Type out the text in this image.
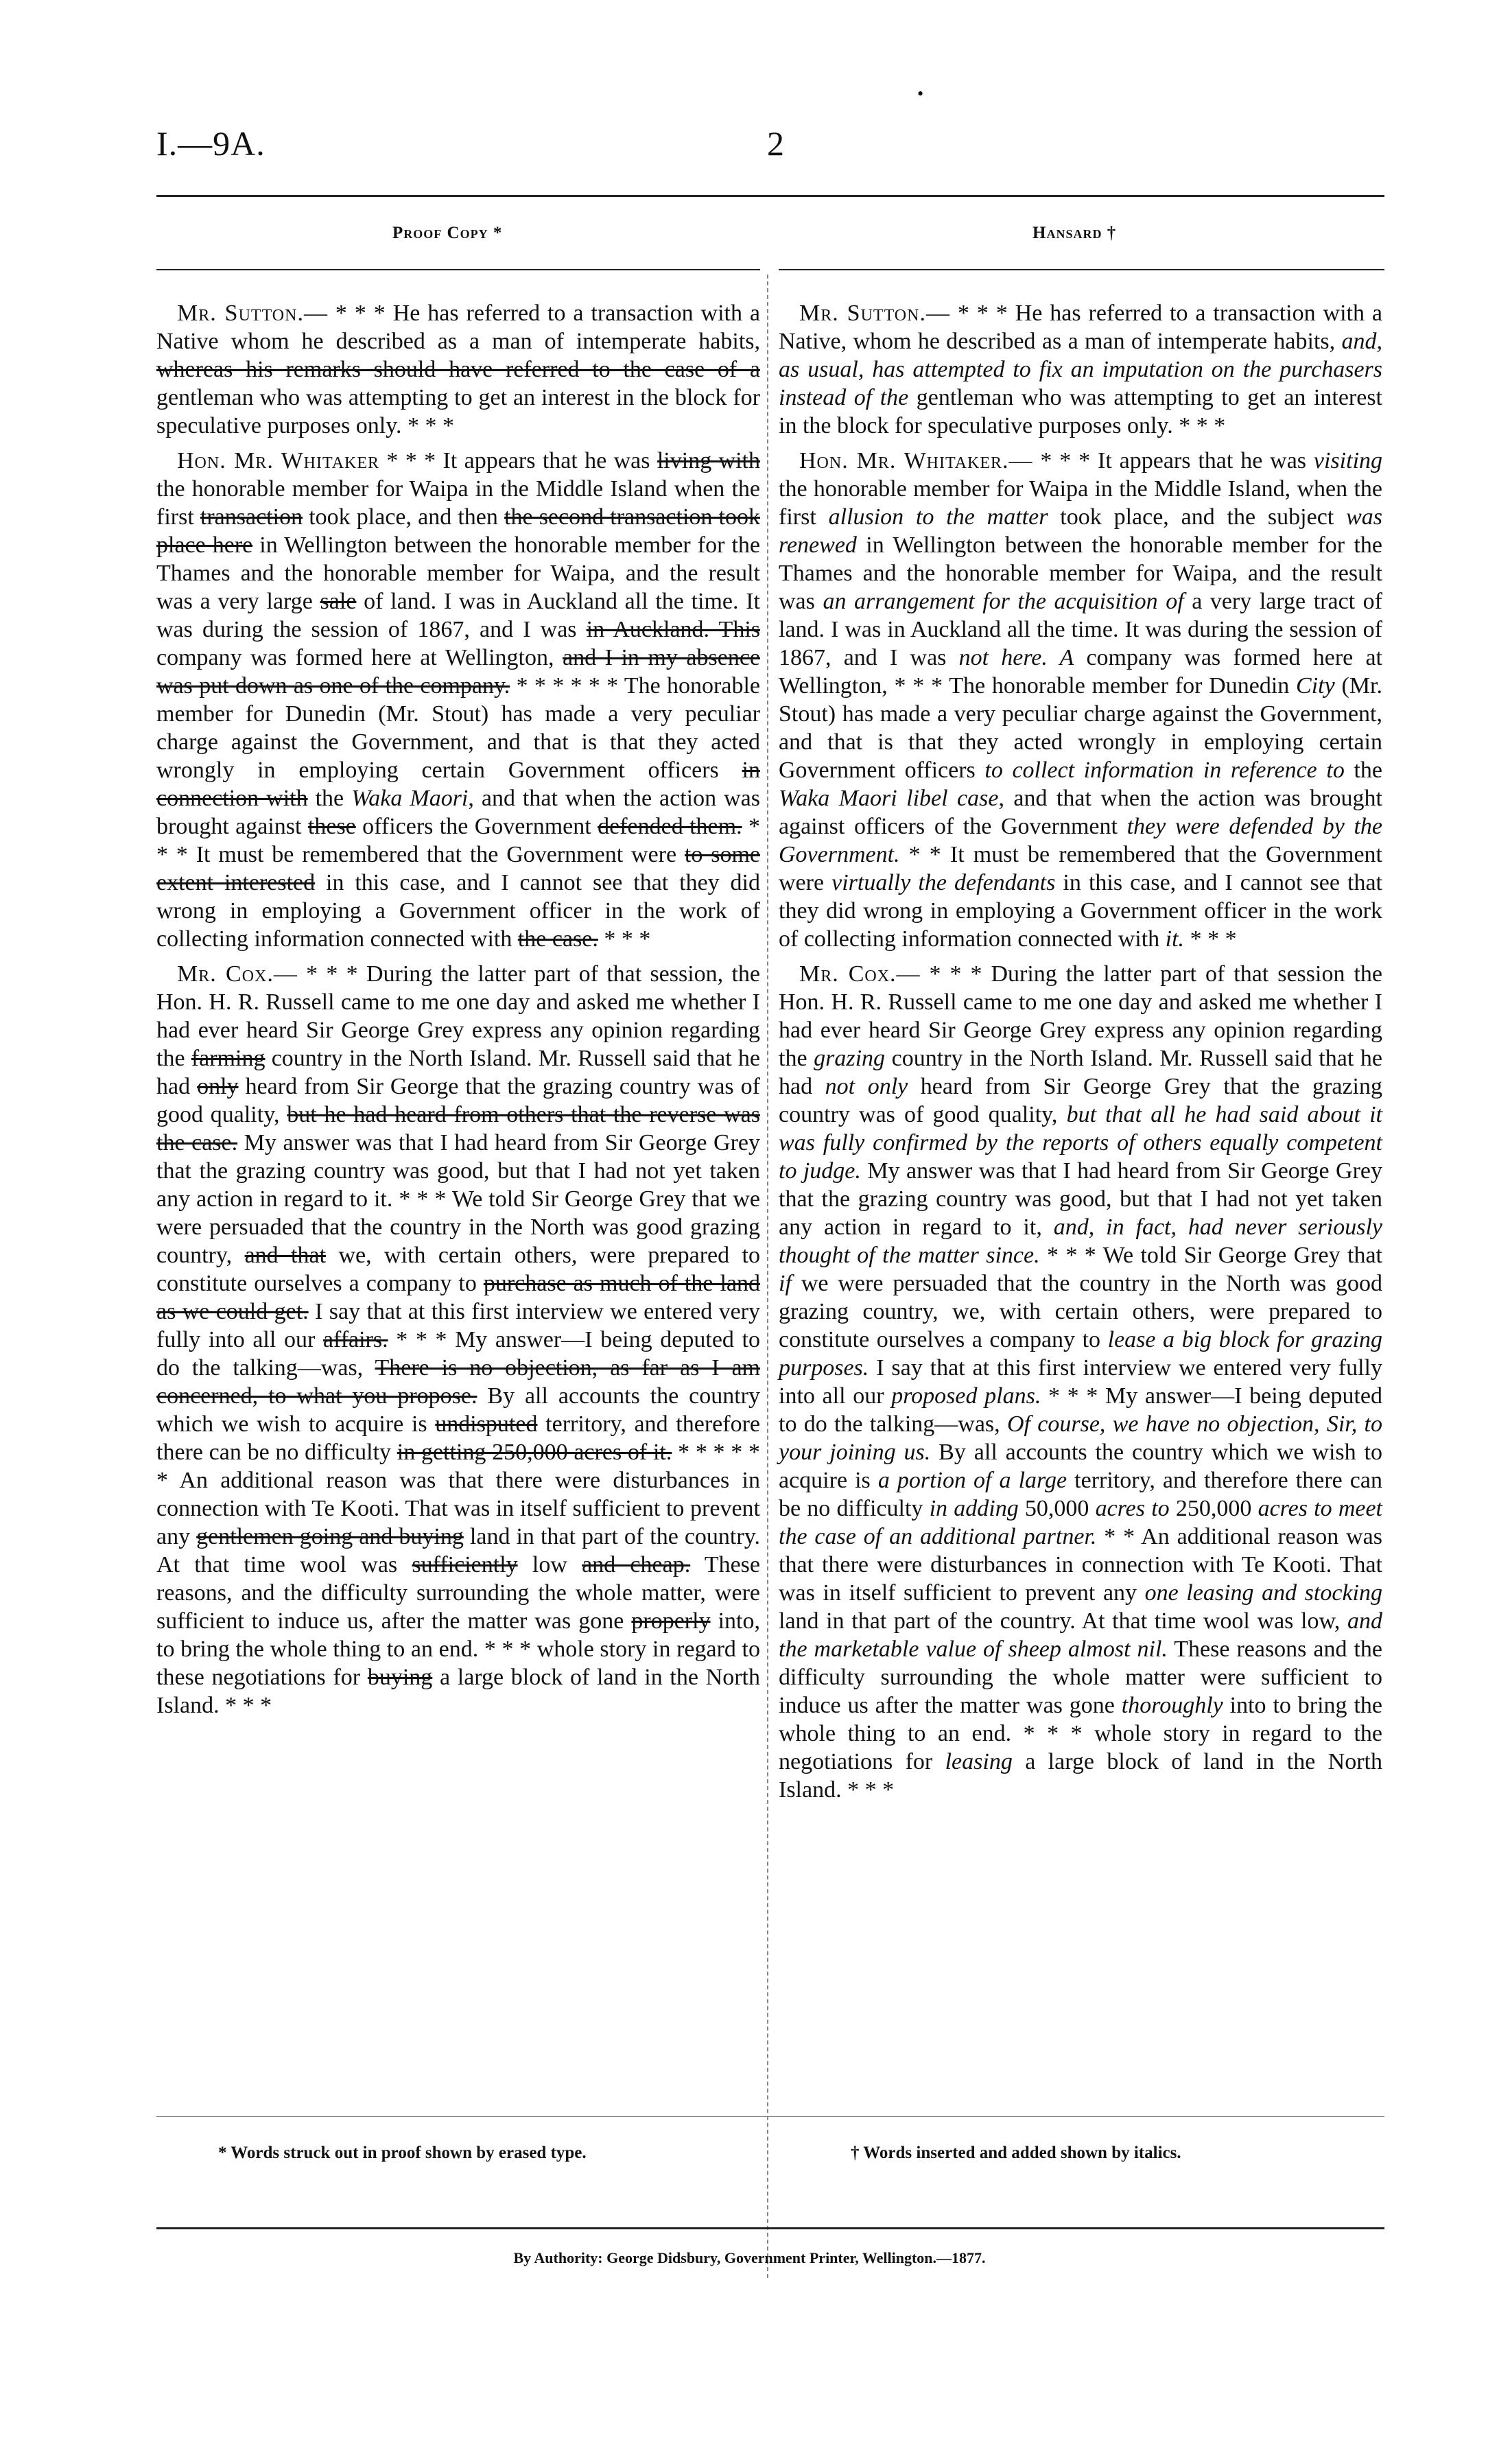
•
I.—9A.	2
Proof Copy *	Hansard †

Mr. Sutton.— * * * He has referred to a transaction with a Native whom he described as a man of intemperate habits, whereas his remarks should have referred to the case of a gentleman who was attempting to get an interest in the block for speculative purposes only. * * *

Hon. Mr. Whitaker * * * It appears that he was living with the honorable member for Waipa in the Middle Island when the first transaction took place, and then the second transaction took place here in Wellington between the honorable member for the Thames and the honorable member for Waipa, and the result was a very large sale of land. I was in Auckland all the time. It was during the session of 1867, and I was in Auckland. This company was formed here at Wellington, and I in my absence was put down as one of the company. * * * * * * The honorable member for Dunedin (Mr. Stout) has made a very peculiar charge against the Government, and that is that they acted wrongly in employing certain Government officers in connection with the Waka Maori, and that when the action was brought against these officers the Government defended them. * * * It must be remembered that the Government were to some extent interested in this case, and I cannot see that they did wrong in employing a Government officer in the work of collecting information connected with the case. * * *

Mr. Cox.— * * * During the latter part of that session, the Hon. H. R. Russell came to me one day and asked me whether I had ever heard Sir George Grey express any opinion regarding the farming country in the North Island. Mr. Russell said that he had only heard from Sir George that the grazing country was of good quality, but he had heard from others that the reverse was the case. My answer was that I had heard from Sir George Grey that the grazing country was good, but that I had not yet taken any action in regard to it. * * * We told Sir George Grey that we were persuaded that the country in the North was good grazing country, and that we, with certain others, were prepared to constitute ourselves a company to purchase as much of the land as we could get. I say that at this first interview we entered very fully into all our affairs. * * * My answer—I being deputed to do the talking—was, There is no objection, as far as I am concerned, to what you propose. By all accounts the country which we wish to acquire is undisputed territory, and therefore there can be no difficulty in getting 250,000 acres of it. * * * * * * An additional reason was that there were disturbances in connection with Te Kooti. That was in itself sufficient to prevent any gentlemen going and buying land in that part of the country. At that time wool was sufficiently low and cheap. These reasons, and the difficulty surrounding the whole matter, were sufficient to induce us, after the matter was gone properly into, to bring the whole thing to an end. * * * whole story in regard to these negotiations for buying a large block of land in the North Island. * * *

Mr. Sutton.— * * * He has referred to a transaction with a Native, whom he described as a man of intemperate habits, and, as usual, has attempted to fix an imputation on the purchasers instead of the gentleman who was attempting to get an interest in the block for speculative purposes only. * * *

Hon. Mr. Whitaker.— * * * It appears that he was visiting the honorable member for Waipa in the Middle Island, when the first allusion to the matter took place, and the subject was renewed in Wellington between the honorable member for the Thames and the honorable member for Waipa, and the result was an arrangement for the acquisition of a very large tract of land. I was in Auckland all the time. It was during the session of 1867, and I was not here. A company was formed here at Wellington, * * * The honorable member for Dunedin City (Mr. Stout) has made a very peculiar charge against the Government, and that is that they acted wrongly in employing certain Government officers to collect information in reference to the Waka Maori libel case, and that when the action was brought against officers of the Government they were defended by the Government. * * It must be remembered that the Government were virtually the defendants in this case, and I cannot see that they did wrong in employing a Government officer in the work of collecting information connected with it. * * *

Mr. Cox.— * * * During the latter part of that session the Hon. H. R. Russell came to me one day and asked me whether I had ever heard Sir George Grey express any opinion regarding the grazing country in the North Island. Mr. Russell said that he had not only heard from Sir George Grey that the grazing country was of good quality, but that all he had said about it was fully confirmed by the reports of others equally competent to judge. My answer was that I had heard from Sir George Grey that the grazing country was good, but that I had not yet taken any action in regard to it, and, in fact, had never seriously thought of the matter since. * * * We told Sir George Grey that if we were persuaded that the country in the North was good grazing country, we, with certain others, were prepared to constitute ourselves a company to lease a big block for grazing purposes. I say that at this first interview we entered very fully into all our proposed plans. * * * My answer—I being deputed to do the talking—was, Of course, we have no objection, Sir, to your joining us. By all accounts the country which we wish to acquire is a portion of a large territory, and therefore there can be no difficulty in adding 50,000 acres to 250,000 acres to meet the case of an additional partner. * * An additional reason was that there were disturbances in connection with Te Kooti. That was in itself sufficient to prevent any one leasing and stocking land in that part of the country. At that time wool was low, and the marketable value of sheep almost nil. These reasons and the difficulty surrounding the whole matter were sufficient to induce us after the matter was gone thoroughly into to bring the whole thing to an end. * * * whole story in regard to the negotiations for leasing a large block of land in the North Island. * * *

* Words struck out in proof shown by erased type.	† Words inserted and added shown by italics.
By Authority: George Didsbury, Government Printer, Wellington.—1877.
